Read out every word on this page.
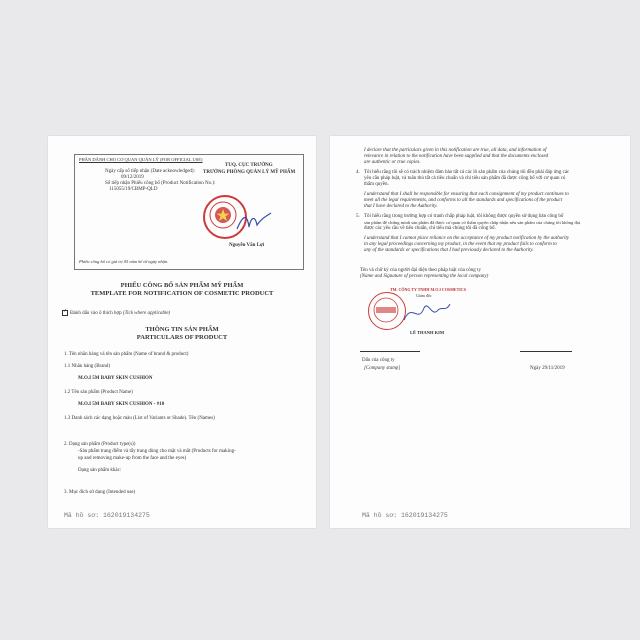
PHẦN DÀNH CHO CƠ QUAN QUẢN LÝ (FOR OFFICIAL USE)
Ngày cấp số tiếp nhận (Date acknowledged):
09/12/2019
Số tiếp nhận Phiếu công bố (Product Notification No.):
115055/19/CBMP-QLD
TUQ. CỤC TRƯỞNG
TRƯỞNG PHÒNG QUẢN LÝ MỸ PHẨM
Nguyễn Văn Lợi
Phiếu công bố có giá trị 05 năm kể từ ngày nhận.
PHIẾU CÔNG BỐ SẢN PHẨM MỸ PHẨM
TEMPLATE FOR NOTIFICATION OF COSMETIC PRODUCT
✓ Đánh dấu vào ô thích hợp (Tick where applicable)
THÔNG TIN SẢN PHẨM
PARTICULARS OF PRODUCT
1. Tên nhãn hàng và tên sản phẩm (Name of brand & product)
1.1 Nhãn hàng (Brand)
M.O.I 5M BABY SKIN CUSHION
1.2 Tên sản phẩm (Product Name)
M.O.I 5M BABY SKIN CUSHION - #10
1.3 Danh sách các dạng hoặc màu (List of Variants or Shade). Tên (Names)
2. Dạng sản phẩm (Product type(s))
-Sản phẩm trang điểm và tẩy trang dùng cho mặt và mắt (Products for making-
up and removing make-up from the face and the eyes)
Dạng sản phẩm khác:
3. Mục đích sử dụng (Intended use)
Mã hồ sơ: 162019134275
I declare that the particulars given in this notification are true, all data, and information of
relevance in relation to the notification have been supplied and that the documents enclosed
are authentic or true copies.
4. Tôi hiểu rằng tôi sẽ có trách nhiệm đảm bảo tất cả các lô sản phẩm của chúng tôi đều phải đáp ứng các
yêu cầu pháp luật, và tuân thủ tất cả tiêu chuẩn và chỉ tiêu sản phẩm đã được công bố với cơ quan có
thẩm quyền.
I understand that I shall be responsible for ensuring that each consignment of my product continues to
meet all the legal requirements, and conforms to all the standards and specifications of the product
that I have declared to the Authority.
5. Tôi hiểu rằng trong trường hợp có tranh chấp pháp luật, tôi không được quyền sử dụng bản công bố
sản phẩm để chứng minh sản phẩm đã được cơ quan có thẩm quyền chấp nhận nếu sản phẩm của chúng tôi không đạt
được các yêu cầu về tiêu chuẩn, chỉ tiêu mà chúng tôi đã công bố.
I understand that I cannot place reliance on the acceptance of my product notification by the authority
in any legal proceedings concerning my product, in the event that my product fails to conform to
any of the standards or specifications that I had previously declared to the Authority.
Tên và chữ ký của người đại diện theo pháp luật của công ty
(Name and Signature of person representing the local company)
TM. CÔNG TY TNHH M.O.I COSMETICS
Giám đốc
LÊ THANH KIM
Dấu của công ty
[Company stamp]	Ngày 29/11/2019
Mã hồ sơ: 162019134275
